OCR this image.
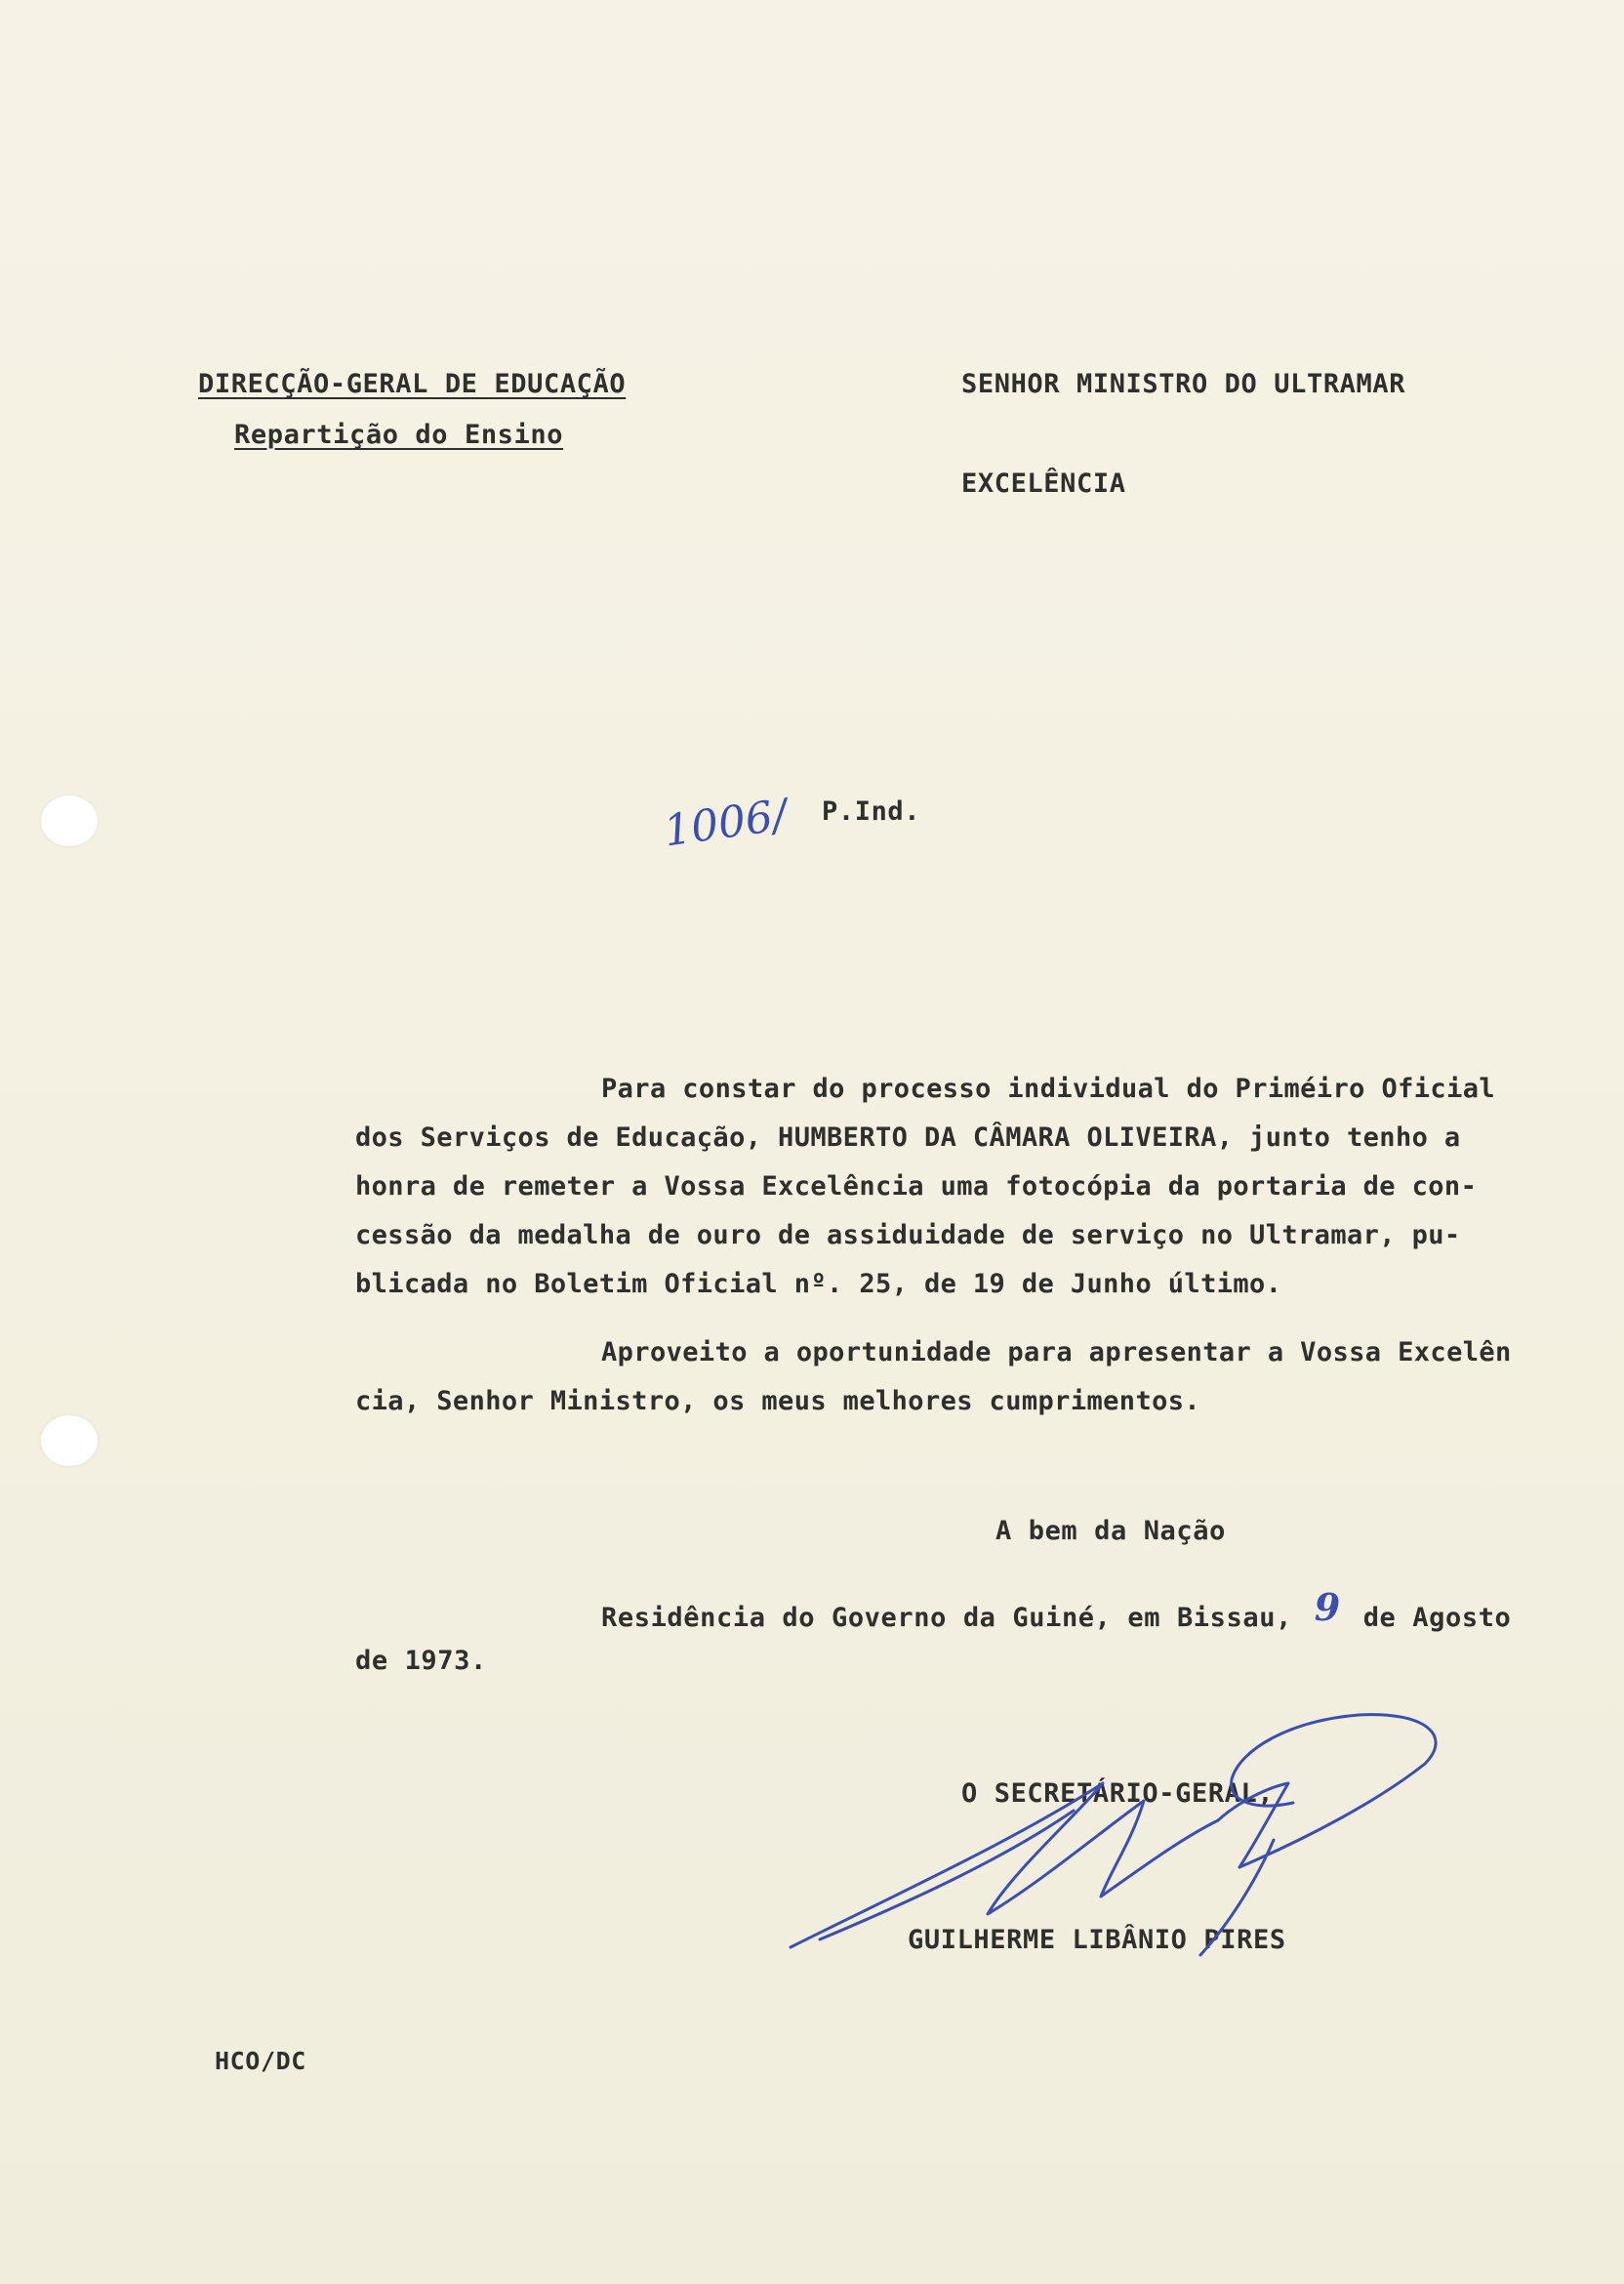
DIRECÇÃO-GERAL DE EDUCAÇÃO
Repartição do Ensino
SENHOR MINISTRO DO ULTRAMAR
EXCELÊNCIA
1006/ P.Ind.
Para constar do processo individual do Priméiro Oficial
dos Serviços de Educação, HUMBERTO DA CÂMARA OLIVEIRA, junto tenho a
honra de remeter a Vossa Excelência uma fotocópia da portaria de con-
cessão da medalha de ouro de assiduidade de serviço no Ultramar, pu-
blicada no Boletim Oficial nº. 25, de 19 de Junho último.
Aproveito a oportunidade para apresentar a Vossa Excelên
cia, Senhor Ministro, os meus melhores cumprimentos.
A bem da Nação
Residência do Governo da Guiné, em Bissau, 9 de Agosto
de 1973.
O SECRETÁRIO-GERAL,
GUILHERME LIBÂNIO PIRES
HCO/DC
